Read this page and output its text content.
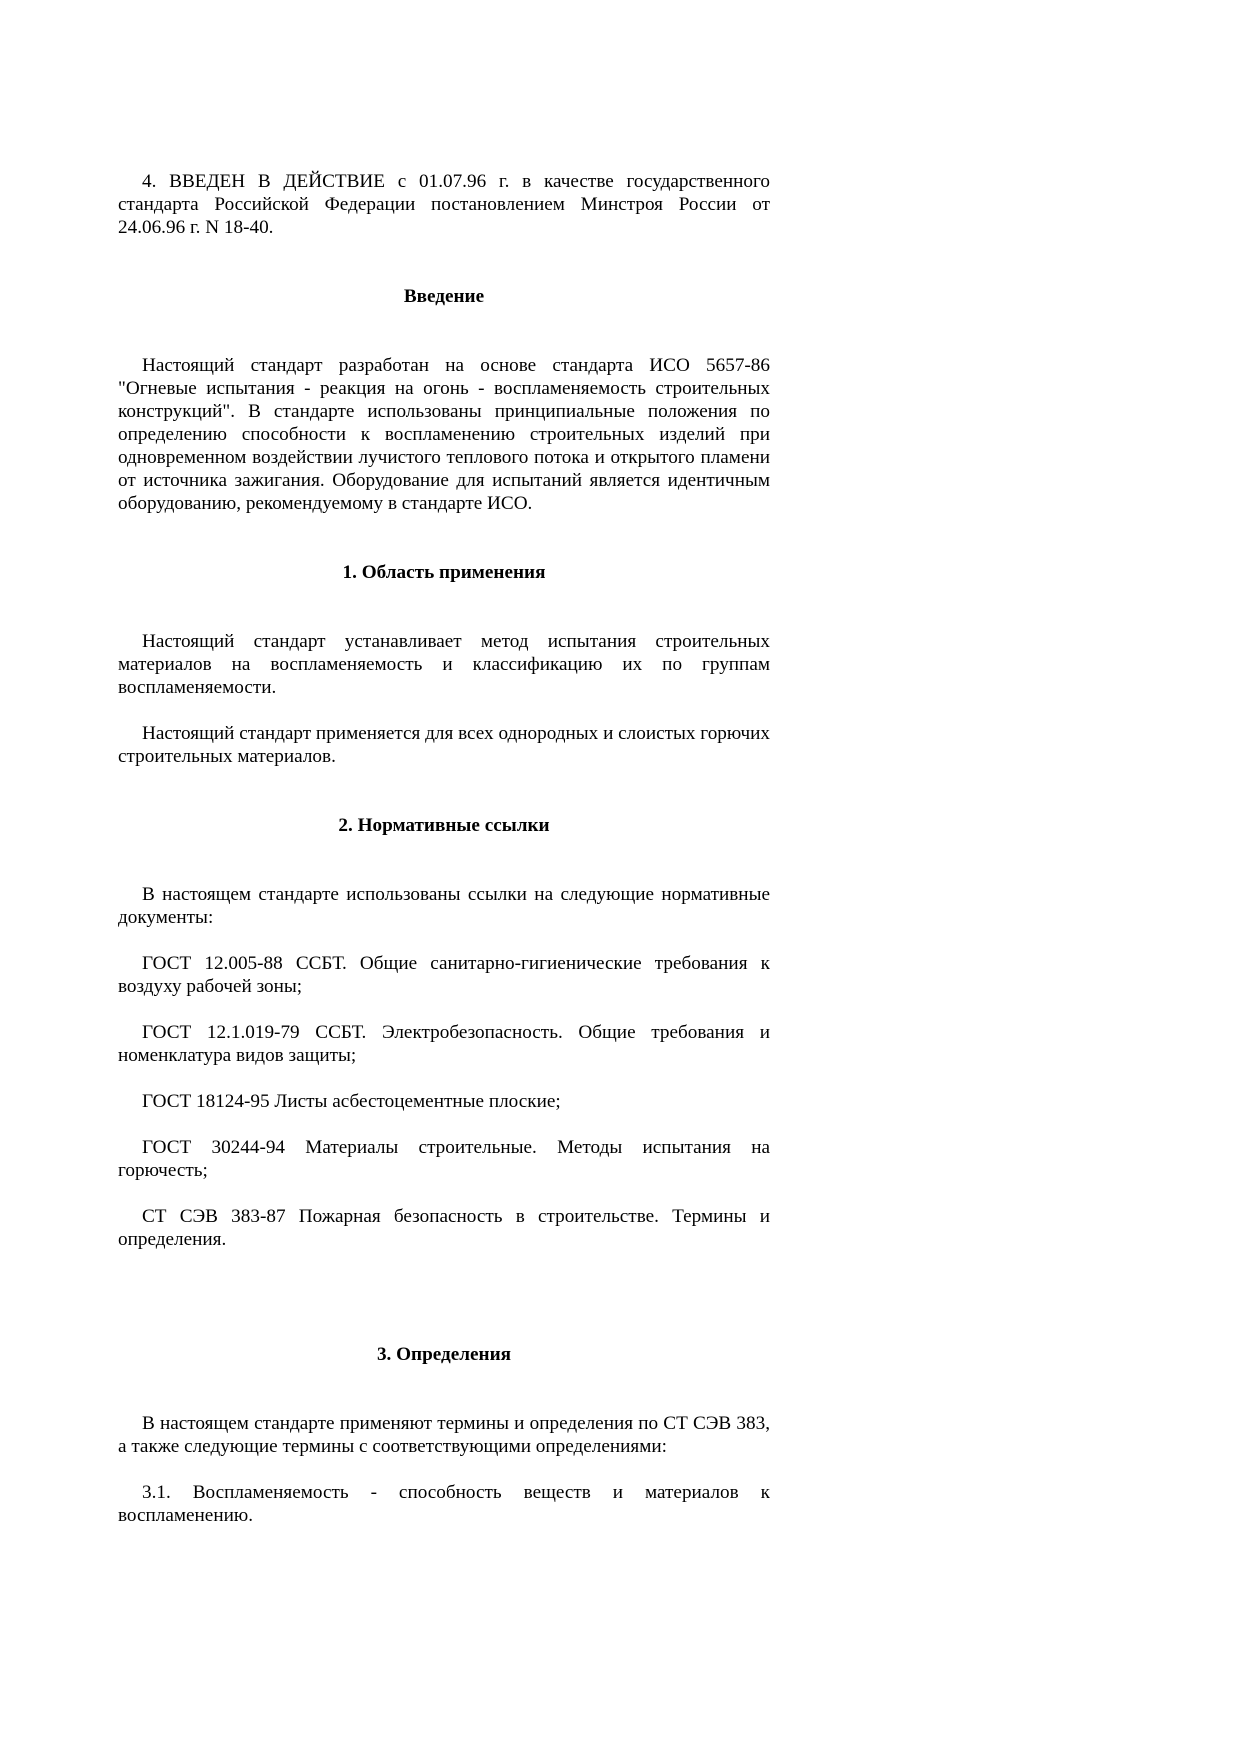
4. ВВЕДЕН В ДЕЙСТВИЕ с 01.07.96 г. в качестве государственного стандарта Российской Федерации постановлением Минстроя России от 24.06.96 г. N 18-40.

Введение

Настоящий стандарт разработан на основе стандарта ИСО 5657-86 "Огневые испытания - реакция на огонь - воспламеняемость строительных конструкций". В стандарте использованы принципиальные положения по определению способности к воспламенению строительных изделий при одновременном воздействии лучистого теплового потока и открытого пламени от источника зажигания. Оборудование для испытаний является идентичным оборудованию, рекомендуемому в стандарте ИСО.

1. Область применения

Настоящий стандарт устанавливает метод испытания строительных материалов на воспламеняемость и классификацию их по группам воспламеняемости.

Настоящий стандарт применяется для всех однородных и слоистых горючих строительных материалов.

2. Нормативные ссылки

В настоящем стандарте использованы ссылки на следующие нормативные документы:

ГОСТ 12.005-88 ССБТ. Общие санитарно-гигиенические требования к воздуху рабочей зоны;

ГОСТ 12.1.019-79 ССБТ. Электробезопасность. Общие требования и номенклатура видов защиты;

ГОСТ 18124-95 Листы асбестоцементные плоские;

ГОСТ 30244-94 Материалы строительные. Методы испытания на горючесть;

СТ СЭВ 383-87 Пожарная безопасность в строительстве. Термины и определения.

3. Определения

В настоящем стандарте применяют термины и определения по СТ СЭВ 383, а также следующие термины с соответствующими определениями:

3.1. Воспламеняемость - способность веществ и материалов к воспламенению.
